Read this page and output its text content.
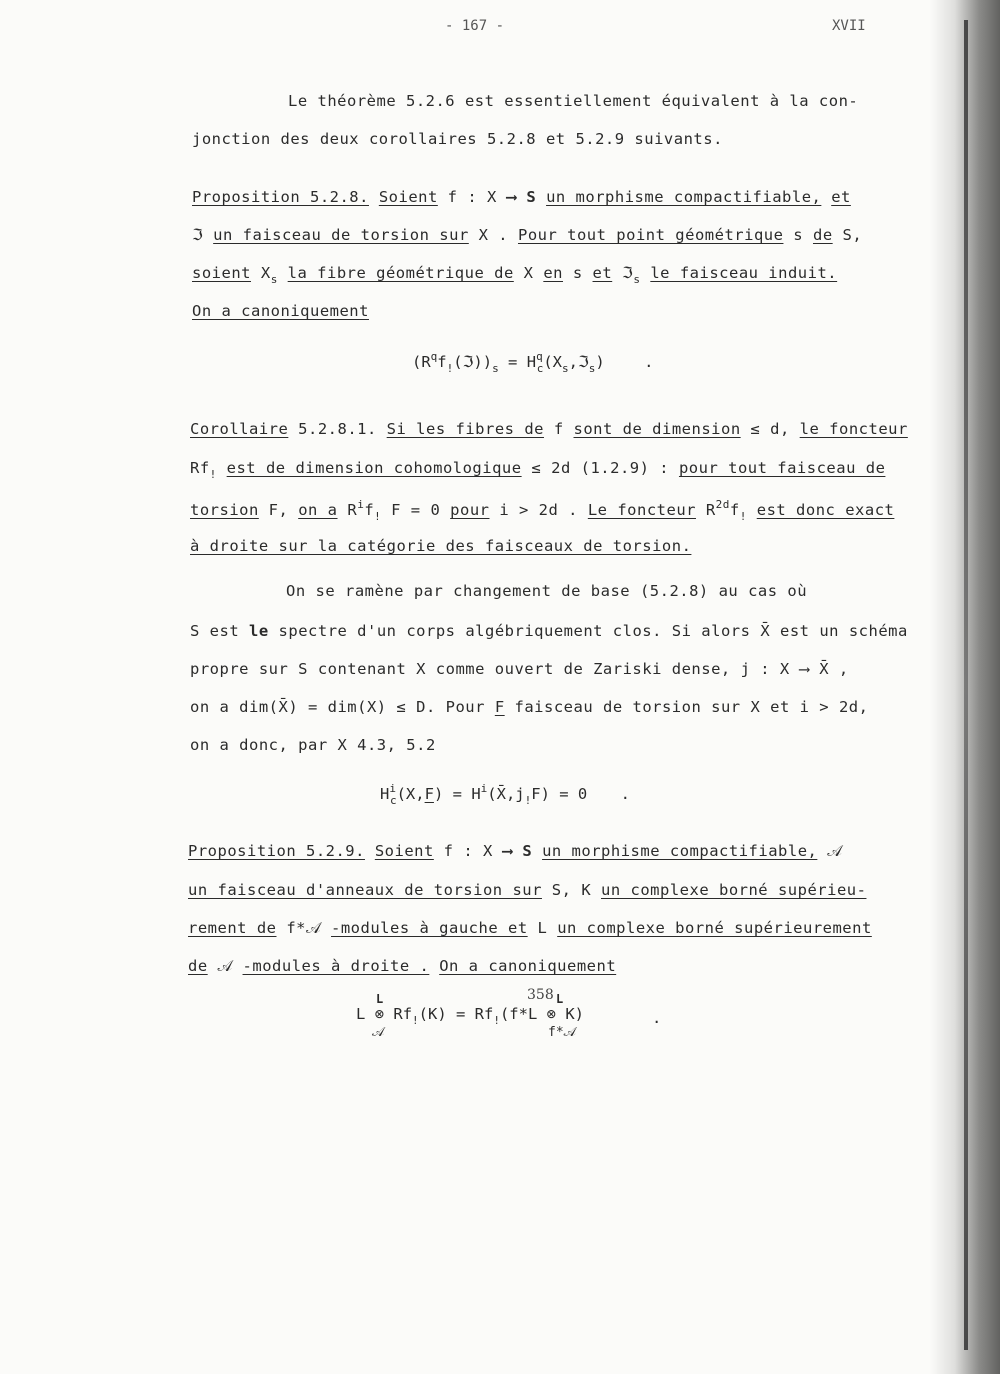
- 167 -	XVII
Le théorème 5.2.6 est essentiellement équivalent à la con-
jonction des deux corollaires 5.2.8 et 5.2.9 suivants.
Proposition 5.2.8. Soient f : X ⟶ S un morphisme compactifiable, et
ℑ un faisceau de torsion sur X . Pour tout point géométrique s de S,
soient $X_s$ la fibre géométrique de X en s et ℑ$_s$ le faisceau induit.
On a canoniquement
$(R^qf_!(ℑ))_s$ = $H^q_c(X_s,ℑ_s)$	.
Corollaire 5.2.8.1. Si les fibres de f sont de dimension ≤ d, le foncteur
$Rf_!$ est de dimension cohomologique ≤ 2d (1.2.9) : pour tout faisceau de
torsion F, on a $R^if_!$ F = 0 pour i > 2d . Le foncteur $R^{2d}f_!$ est donc exact
à droite sur la catégorie des faisceaux de torsion.
On se ramène par changement de base (5.2.8) au cas où
S est le spectre d'un corps algébriquement clos. Si alors X̄ est un schéma
propre sur S contenant X comme ouvert de Zariski dense, j : X ⟶ X̄ ,
on a dim(X̄) = dim(X) ≤ D. Pour F faisceau de torsion sur X et i > 2d,
on a donc, par X 4.3, 5.2
$H^i_c(X,F)$ = $H^i(X̄,j_!F) = 0$ .
Proposition 5.2.9. Soient f : X ⟶ S un morphisme compactifiable, 𝒜
un faisceau d'anneaux de torsion sur S, K un complexe borné supérieu-
rement de f*𝒜 -modules à gauche et L un complexe borné supérieurement
de 𝒜 -modules à droite . On a canoniquement
L
L ⊗ $Rf_!(K) = Rf_!(f*L$ ⊗ K)
L
𝒜	f*𝒜
.
358
